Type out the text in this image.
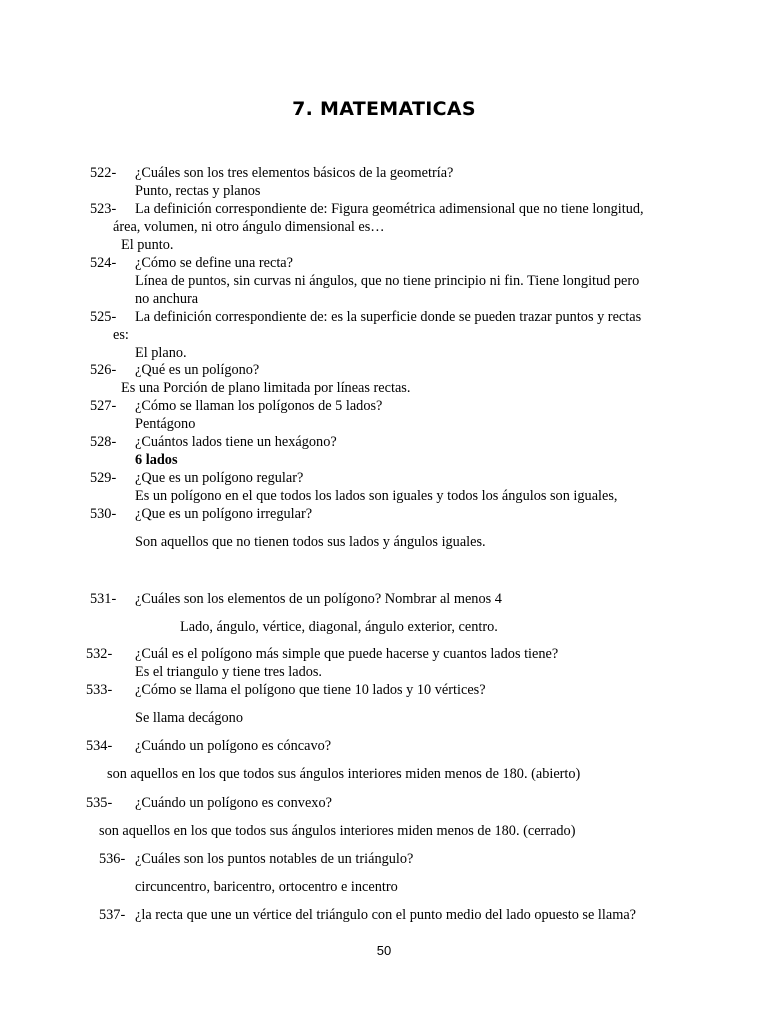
7. MATEMATICAS
522- ¿Cuáles son los tres elementos básicos de la geometría?
Punto, rectas y planos
523- La definición correspondiente de: Figura geométrica adimensional que no tiene longitud,
área, volumen, ni otro ángulo dimensional es…
El punto.
524- ¿Cómo se define una recta?
Línea de puntos, sin curvas ni ángulos, que no tiene principio ni fin. Tiene longitud pero
no anchura
525- La definición correspondiente de: es la superficie donde se pueden trazar puntos y rectas
es:
El plano.
526- ¿Qué es un polígono?
Es una Porción de plano limitada por líneas rectas.
527- ¿Cómo se llaman los polígonos de 5 lados?
Pentágono
528- ¿Cuántos lados tiene un hexágono?
6 lados
529- ¿Que es un polígono regular?
Es un polígono en el que todos los lados son iguales y todos los ángulos son iguales,
530- ¿Que es un polígono irregular?
Son aquellos que no tienen todos sus lados y ángulos iguales.
531- ¿Cuáles son los elementos de un polígono? Nombrar al menos 4
Lado, ángulo, vértice, diagonal, ángulo exterior, centro.
532- ¿Cuál es el polígono más simple que puede hacerse y cuantos lados tiene?
Es el triangulo y tiene tres lados.
533- ¿Cómo se llama el polígono que tiene 10 lados y 10 vértices?
Se llama decágono
534- ¿Cuándo un polígono es cóncavo?
son aquellos en los que todos sus ángulos interiores miden menos de 180. (abierto)
535- ¿Cuándo un polígono es convexo?
son aquellos en los que todos sus ángulos interiores miden menos de 180. (cerrado)
536- ¿Cuáles son los puntos notables de un triángulo?
circuncentro, baricentro, ortocentro e incentro
537- ¿la recta que une un vértice del triángulo con el punto medio del lado opuesto se llama?
50
